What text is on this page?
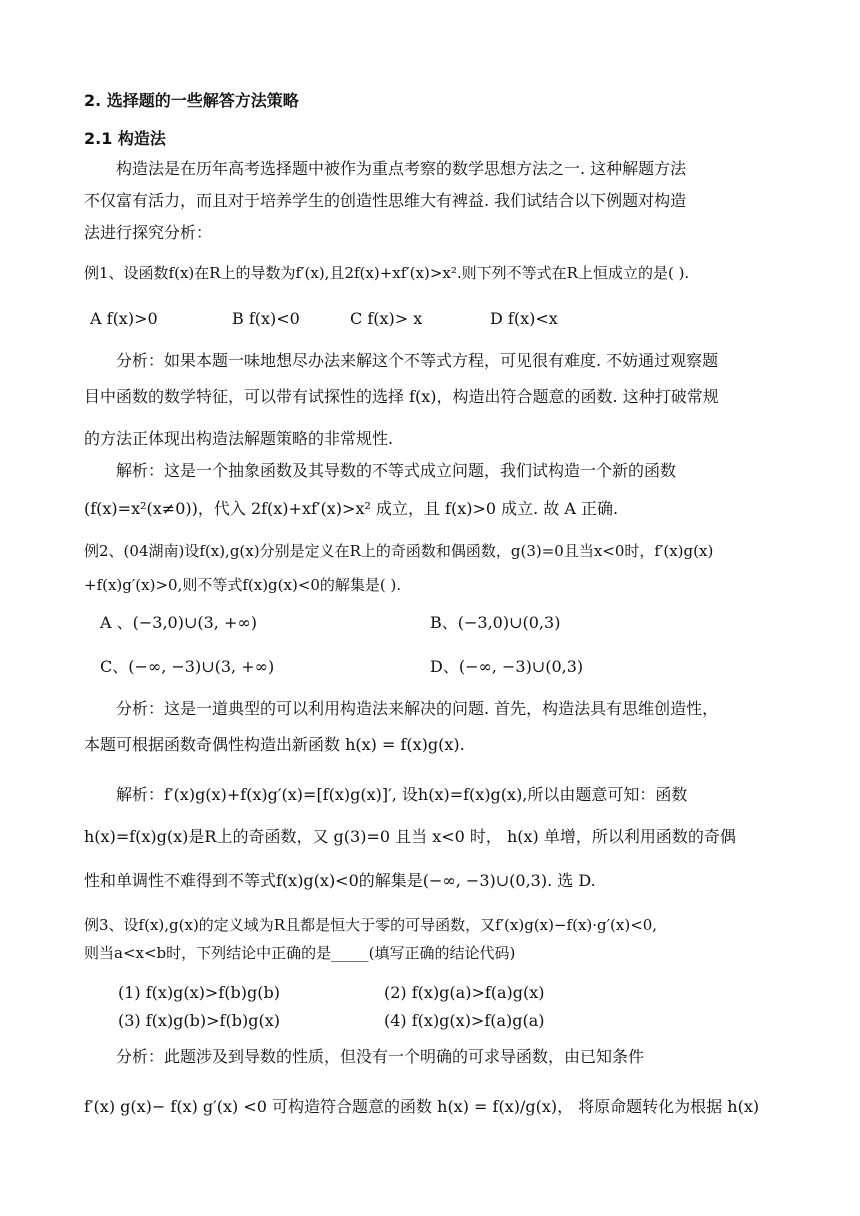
2. 选择题的一些解答方法策略
2.1 构造法
构造法是在历年高考选择题中被作为重点考察的数学思想方法之一. 这种解题方法
不仅富有活力，而且对于培养学生的创造性思维大有裨益. 我们试结合以下例题对构造
法进行探究分析：
例1、设函数f(x)在R上的导数为f′(x),且2f(x)+xf′(x)>x².则下列不等式在R上恒成立的是( ).
A f(x)>0	B f(x)<0	C f(x)> x	D f(x)<x
分析：如果本题一味地想尽办法来解这个不等式方程，可见很有难度. 不妨通过观察题
目中函数的数学特征，可以带有试探性的选择 f(x)，构造出符合题意的函数. 这种打破常规
的方法正体现出构造法解题策略的非常规性.
解析：这是一个抽象函数及其导数的不等式成立问题，我们试构造一个新的函数
(f(x)=x²(x≠0))，代入 2f(x)+xf′(x)>x² 成立，且 f(x)>0 成立. 故 A 正确.
例2、(04湖南)设f(x),g(x)分别是定义在R上的奇函数和偶函数，g(3)=0且当x<0时，f′(x)g(x)
+f(x)g′(x)>0,则不等式f(x)g(x)<0的解集是( ).
A 、(−3,0)∪(3, +∞)	B、(−3,0)∪(0,3)
C、(−∞, −3)∪(3, +∞)	D、(−∞, −3)∪(0,3)
分析：这是一道典型的可以利用构造法来解决的问题. 首先，构造法具有思维创造性，
本题可根据函数奇偶性构造出新函数 h(x) = f(x)g(x).
解析：f′(x)g(x)+f(x)g′(x)=[f(x)g(x)]′, 设h(x)=f(x)g(x),所以由题意可知：函数
h(x)=f(x)g(x)是R上的奇函数，又 g(3)=0 且当 x<0 时， h(x) 单增，所以利用函数的奇偶
性和单调性不难得到不等式f(x)g(x)<0的解集是(−∞, −3)∪(0,3). 选 D.
例3、设f(x),g(x)的定义域为R且都是恒大于零的可导函数，又f′(x)g(x)−f(x)·g′(x)<0,
则当a<x<b时，下列结论中正确的是_____(填写正确的结论代码)
(1) f(x)g(x)>f(b)g(b)	(2) f(x)g(a)>f(a)g(x)
(3) f(x)g(b)>f(b)g(x)	(4) f(x)g(x)>f(a)g(a)
分析：此题涉及到导数的性质，但没有一个明确的可求导函数，由已知条件
f′(x) g(x)− f(x) g′(x) <0 可构造符合题意的函数 h(x) = f(x)/g(x)， 将原命题转化为根据 h(x)
